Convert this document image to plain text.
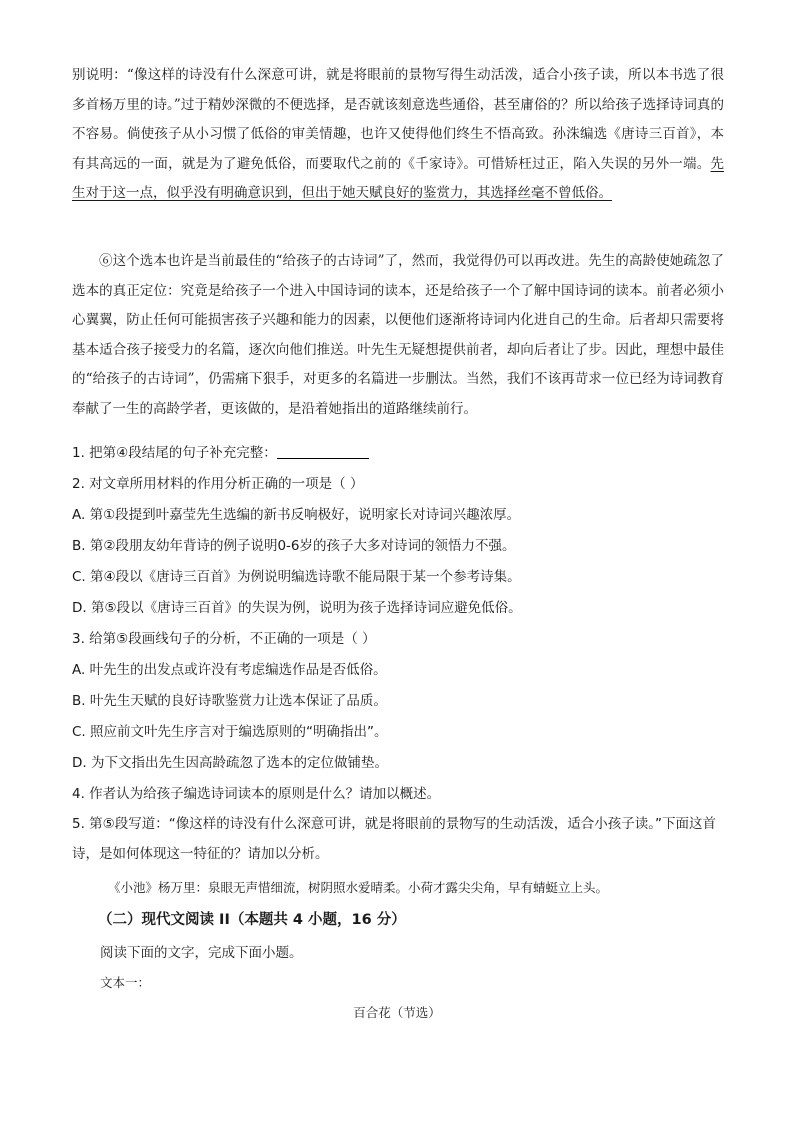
别说明：“像这样的诗没有什么深意可讲，就是将眼前的景物写得生动活泼，适合小孩子读，所以本书选了很多首杨万里的诗。”过于精妙深微的不便选择，是否就该刻意选些通俗，甚至庸俗的？所以给孩子选择诗词真的不容易。倘使孩子从小习惯了低俗的审美情趣，也许又使得他们终生不悟高致。孙洙编选《唐诗三百首》，本有其高远的一面，就是为了避免低俗，而要取代之前的《千家诗》。可惜矫枉过正，陷入失误的另外一端。先生对于这一点，似乎没有明确意识到，但出于她天赋良好的鉴赏力，其选择丝毫不曾低俗。
⑥这个选本也许是当前最佳的“给孩子的古诗词”了，然而，我觉得仍可以再改进。先生的高龄使她疏忽了选本的真正定位：究竟是给孩子一个进入中国诗词的读本，还是给孩子一个了解中国诗词的读本。前者必须小心翼翼，防止任何可能损害孩子兴趣和能力的因素，以便他们逐渐将诗词内化进自己的生命。后者却只需要将基本适合孩子接受力的名篇，逐次向他们推送。叶先生无疑想提供前者，却向后者让了步。因此，理想中最佳的“给孩子的古诗词”，仍需痛下狠手，对更多的名篇进一步删汰。当然，我们不该再苛求一位已经为诗词教育奉献了一生的高龄学者，更该做的，是沿着她指出的道路继续前行。
1. 把第④段结尾的句子补充完整：
2. 对文章所用材料的作用分析正确的一项是（ ）
A. 第①段提到叶嘉莹先生选编的新书反响极好，说明家长对诗词兴趣浓厚。
B. 第②段朋友幼年背诗的例子说明0-6岁的孩子大多对诗词的领悟力不强。
C. 第④段以《唐诗三百首》为例说明编选诗歌不能局限于某一个参考诗集。
D. 第⑤段以《唐诗三百首》的失误为例，说明为孩子选择诗词应避免低俗。
3. 给第⑤段画线句子的分析，不正确的一项是（ ）
A. 叶先生的出发点或许没有考虑编选作品是否低俗。
B. 叶先生天赋的良好诗歌鉴赏力让选本保证了品质。
C. 照应前文叶先生序言对于编选原则的“明确指出”。
D. 为下文指出先生因高龄疏忽了选本的定位做铺垫。
4. 作者认为给孩子编选诗词读本的原则是什么？请加以概述。
5. 第⑤段写道：“像这样的诗没有什么深意可讲，就是将眼前的景物写的生动活泼，适合小孩子读。”下面这首诗，是如何体现这一特征的？请加以分析。
《小池》杨万里：泉眼无声惜细流，树阴照水爱晴柔。小荷才露尖尖角，早有蜻蜓立上头。
（二）现代文阅读 II（本题共 4 小题，16 分）
阅读下面的文字，完成下面小题。
文本一：
百合花（节选）
